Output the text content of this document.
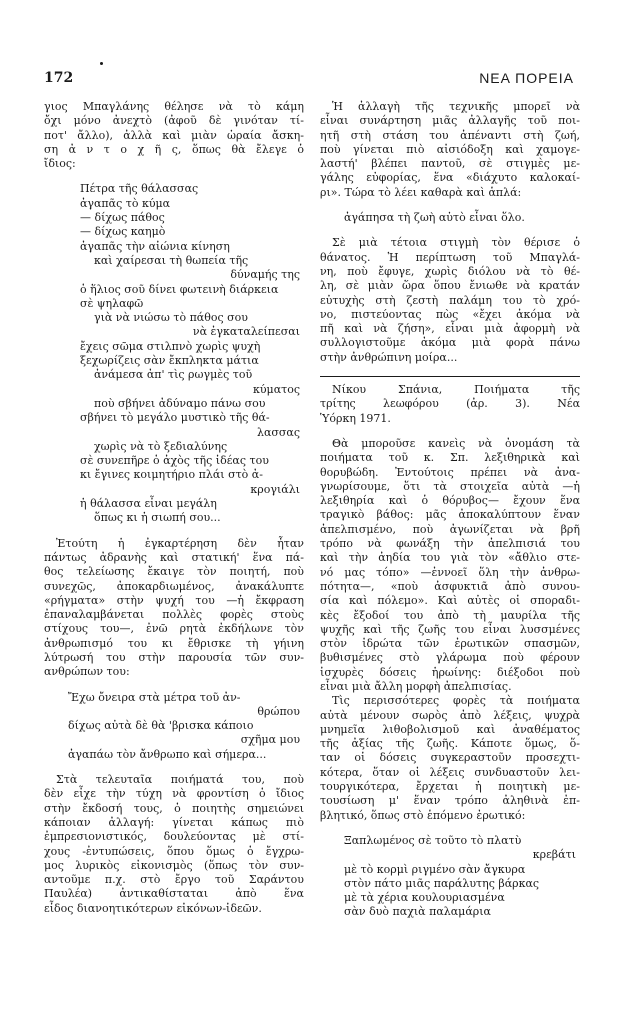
172	ΝΕΑ ΠΟΡΕΙΑ
γιος Μπαγλάνης θέλησε νὰ τὸ κάμη
ὄχι μόνο ἀνεχτὸ (ἀφοῦ δὲ γινόταν τί-
ποτ' ἄλλο), ἀλλὰ καὶ μιὰν ὡραία ἄσκη-
ση ἀ ν τ ο χ ῆ ς, ὅπως θὰ ἔλεγε ὁ
ἴδιος:
Πέτρα τῆς θάλασσας
ἀγαπᾶς τὸ κύμα
— δίχως πάθος
— δίχως καημὸ
ἀγαπᾶς τὴν αἰώνια κίνηση
καὶ χαίρεσαι τὴ θωπεία τῆς
δύναμής της
ὁ ἥλιος σοῦ δίνει φωτεινὴ διάρκεια
σὲ ψηλαφῶ
γιὰ νὰ νιώσω τὸ πάθος σου
νὰ ἐγκαταλείπεσαι
ἔχεις σῶμα στιλπνὸ χωρὶς ψυχὴ
ξεχωρίζεις σὰν ἔκπληκτα μάτια
ἀνάμεσα ἀπ' τὶς ρωγμὲς τοῦ
κύματος
ποὺ σβήνει ἀδύναμο πάνω σου
σβήνει τὸ μεγάλο μυστικὸ τῆς θά-
λασσας
χωρὶς νὰ τὸ ξεδιαλύνης
σὲ συνεπῆρε ὁ ἀχὸς τῆς ἰδέας του
κι ἔγινες κοιμητήριο πλάι στὸ ἀ-
κρογιάλι
ἡ θάλασσα εἶναι μεγάλη
ὅπως κι ἡ σιωπή σου...
Ἐτούτη ἡ ἐγκαρτέρηση δὲν ἦταν
πάντως ἀδρανὴς καὶ στατική' ἕνα πά-
θος τελείωσης ἔκαιγε τὸν ποιητή, ποὺ
συνεχῶς, ἀποκαρδιωμένος, ἀνακάλυπτε
«ρήγματα» στὴν ψυχή του —ἡ ἔκφραση
ἐπαναλαμβάνεται πολλὲς φορὲς στοὺς
στίχους του—, ἐνῶ ρητὰ ἐκδήλωνε τὸν
ἀνθρωπισμό του κι ἔθρισκε τὴ γήινη
λύτρωσή του στὴν παρουσία τῶν συν-
ανθρώπων του:
Ἔχω ὄνειρα στὰ μέτρα τοῦ ἀν-
θρώπου
δίχως αὐτὰ δὲ θὰ 'βρισκα κάποιο
σχῆμα μου
ἀγαπάω τὸν ἄνθρωπο καὶ σήμερα...
Στὰ τελευταῖα ποιήματά του, ποὺ
δὲν εἶχε τὴν τύχη νὰ φροντίση ὁ ἴδιος
στὴν ἔκδοσή τους, ὁ ποιητὴς σημειώνει
κάποιαν ἀλλαγή: γίνεται κάπως πιὸ
ἐμπρεσιονιστικός, δουλεύοντας μὲ στί-
χους -ἐντυπώσεις, ὅπου ὅμως ὁ ἔγχρω-
μος λυρικὸς εἰκονισμὸς (ὅπως τὸν συν-
αντοῦμε π.χ. στὸ ἔργο τοῦ Σαράντου
Παυλέα) ἀντικαθίσταται ἀπὸ ἕνα
εἶδος διανοητικότερων εἰκόνων-ἰδεῶν.
Ἡ ἀλλαγὴ τῆς τεχνικῆς μπορεῖ νὰ
εἶναι συνάρτηση μιᾶς ἀλλαγῆς τοῦ ποι-
ητῆ στὴ στάση του ἀπέναντι στὴ ζωή,
ποὺ γίνεται πιὸ αἰσιόδοξη καὶ χαμογε-
λαστή' βλέπει παντοῦ, σὲ στιγμὲς με-
γάλης εὐφορίας, ἕνα «διάχυτο καλοκαί-
ρι». Τώρα τὸ λέει καθαρὰ καὶ ἁπλά:
ἀγάπησα τὴ ζωὴ αὐτὸ εἶναι ὅλο.
Σὲ μιὰ τέτοια στιγμὴ τὸν θέρισε ὁ
θάνατος. Ἡ περίπτωση τοῦ Μπαγλά-
νη, ποὺ ἔφυγε, χωρὶς διόλου νὰ τὸ θέ-
λη, σὲ μιὰν ὥρα ὅπου ἔνιωθε νὰ κρατάν
εὐτυχὴς στὴ ζεστὴ παλάμη του τὸ χρό-
νο, πιστεύοντας πὼς «ἔχει ἀκόμα νὰ
πῆ καὶ νὰ ζήση», εἶναι μιὰ ἀφορμὴ νὰ
συλλογιστοῦμε ἀκόμα μιὰ φορὰ πάνω
στὴν ἀνθρώπινη μοίρα...
Νίκου Σπάνια, Ποιήματα τῆς
τρίτης λεωφόρου (ἀρ. 3). Νέα
Ὑόρκη 1971.
Θὰ μποροῦσε κανεὶς νὰ ὀνομάση τὰ
ποιήματα τοῦ κ. Σπ. λεξιθηρικὰ καὶ
θορυβώδη. Ἐντούτοις πρέπει νὰ ἀνα-
γνωρίσουμε, ὅτι τὰ στοιχεῖα αὐτὰ —ἡ
λεξιθηρία καὶ ὁ θόρυβος— ἔχουν ἕνα
τραγικὸ βάθος: μᾶς ἀποκαλύπτουν ἕναν
ἀπελπισμένο, ποὺ ἀγωνίζεται νὰ βρῆ
τρόπο νὰ φωνάξη τὴν ἀπελπισιά του
καὶ τὴν ἀηδία του γιὰ τὸν «ἄθλιο στε-
νό μας τόπο» —ἐννοεῖ ὅλη τὴν ἀνθρω-
πότητα—, «ποὺ ἀσφυκτιᾶ ἀπὸ συνου-
σία καὶ πόλεμο». Καὶ αὐτὲς οἱ σποραδι-
κὲς ἔξοδοί του ἀπὸ τὴ μαυρίλα τῆς
ψυχῆς καὶ τῆς ζωῆς του εἶναι λυσσμένες
στὸν ἱδρώτα τῶν ἐρωτικῶν σπασμῶν,
βυθισμένες στὸ γλάρωμα ποὺ φέρουν
ἰσχυρὲς δόσεις ἡρωίνης: διέξοδοι ποὺ
εἶναι μιὰ ἄλλη μορφὴ ἀπελπισίας.
Τὶς περισσότερες φορὲς τὰ ποιήματα
αὐτὰ μένουν σωρὸς ἀπὸ λέξεις, ψυχρὰ
μνημεῖα λιθοβολισμοῦ καὶ ἀναθέματος
τῆς ἀξίας τῆς ζωῆς. Κάποτε ὅμως, ὅ-
ταν οἱ δόσεις συγκεραστοῦν προσεχτι-
κότερα, ὅταν οἱ λέξεις συνδυαστοῦν λει-
τουργικότερα, ἔρχεται ἡ ποιητικὴ με-
τουσίωση μ' ἕναν τρόπο ἀληθινὰ ἐπ-
βλητικό, ὅπως στὸ ἑπόμενο ἐρωτικό:
Ξαπλωμένος σὲ τοῦτο τὸ πλατὺ
κρεβάτι
μὲ τὸ κορμὶ ριγμένο σὰν ἄγκυρα
στὸν πάτο μιᾶς παράλυτης βάρκας
μὲ τὰ χέρια κουλουριασμένα
σὰν δυὸ παχιὰ παλαμάρια
